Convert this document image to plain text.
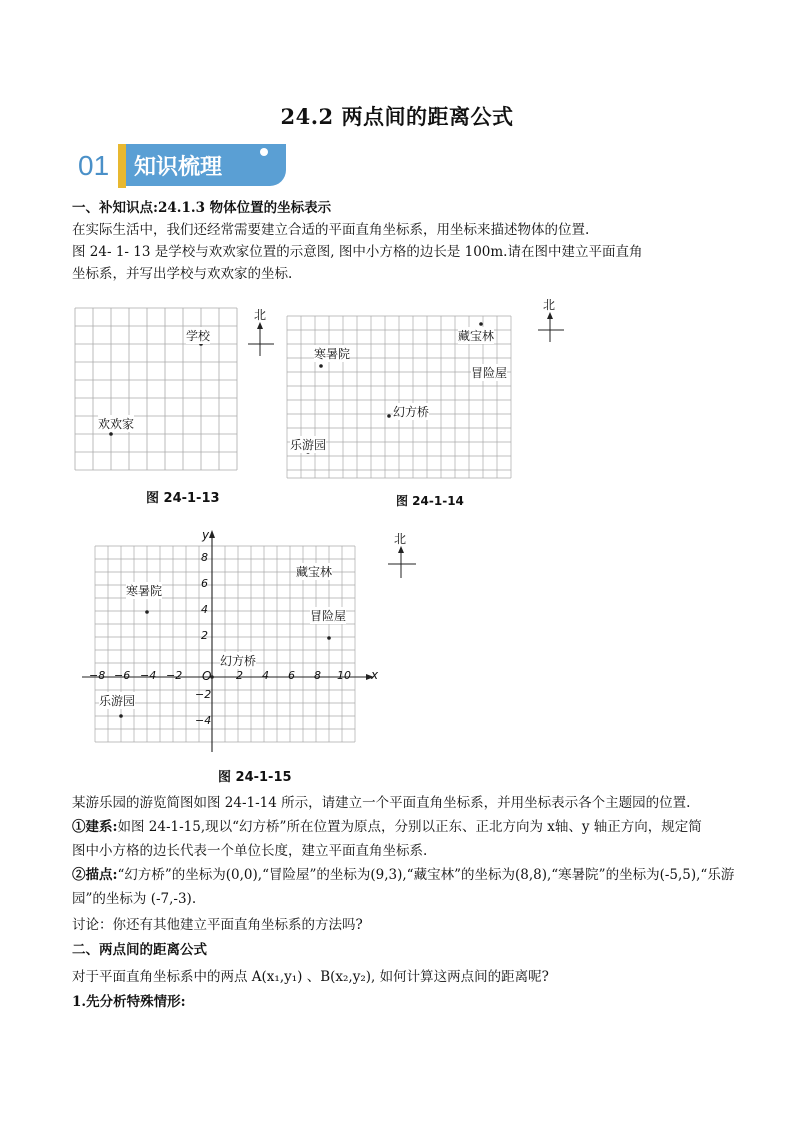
24.2 两点间的距离公式
01 知识梳理
一、补知识点:24.1.3 物体位置的坐标表示
在实际生活中，我们还经常需要建立合适的平面直角坐标系，用坐标来描述物体的位置.
图 24- 1- 13 是学校与欢欢家位置的示意图, 图中小方格的边长是 100m.请在图中建立平面直角
坐标系，并写出学校与欢欢家的坐标.
学校
欢欢家
图 24-1-13
北
藏宝林
寒暑院
冒险屋
幻方桥
乐游园
图 24-1-14
北
−8 −6 −4 −2	2 4 6 8 10 x
y
O
8
6
4
2
−2
−4
藏宝林
寒暑院
冒险屋
幻方桥
乐游园
图 24-1-15
北
某游乐园的游览简图如图 24-1-14 所示，请建立一个平面直角坐标系，并用坐标表示各个主题园的位置.
①建系:如图 24-1-15,现以“幻方桥”所在位置为原点，分别以正东、正北方向为 x轴、y 轴正方向，规定简
图中小方格的边长代表一个单位长度，建立平面直角坐标系.
②描点:“幻方桥”的坐标为(0,0),“冒险屋”的坐标为(9,3),“藏宝林”的坐标为(8,8),“寒暑院”的坐标为(-5,5),“乐游
园”的坐标为 (-7,-3).
讨论：你还有其他建立平面直角坐标系的方法吗?
二、两点间的距离公式
对于平面直角坐标系中的两点 A(x₁,y₁) 、B(x₂,y₂), 如何计算这两点间的距离呢?
1.先分析特殊情形:
